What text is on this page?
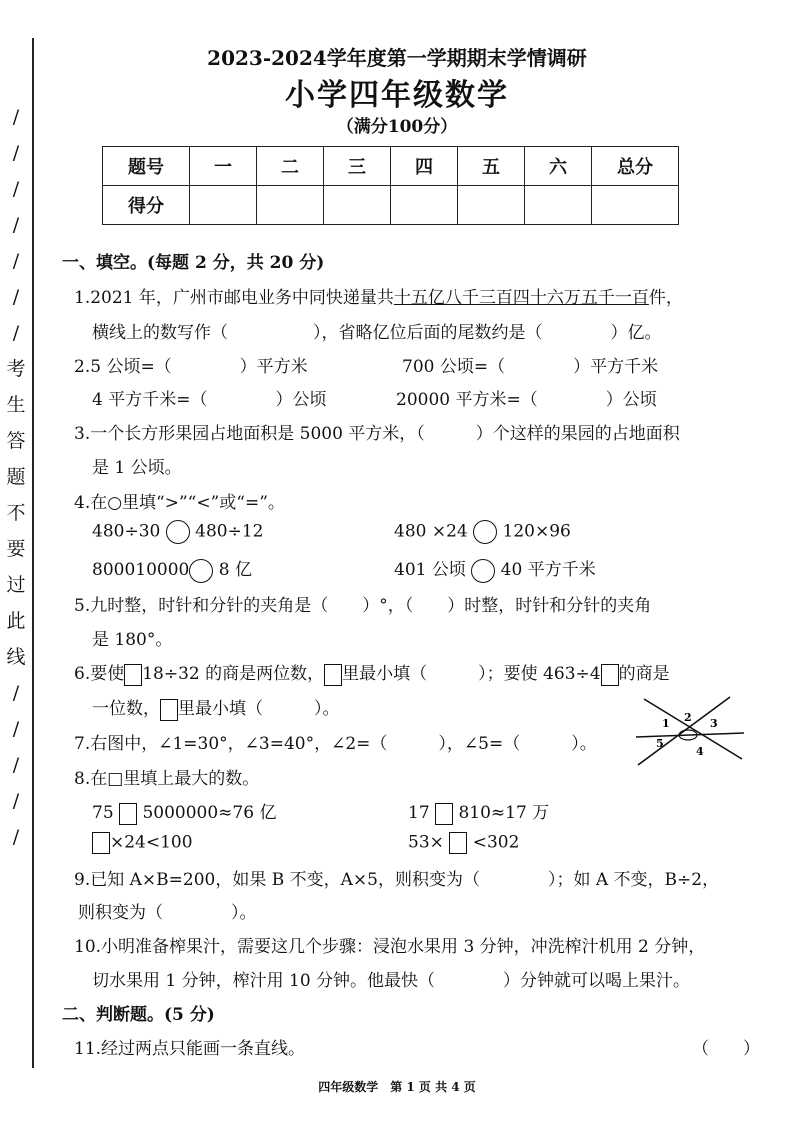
/
/
/
/
/
/
/
考
生
答
题
不
要
过
此
线
/
/
/
/
/
2023-2024学年度第一学期期末学情调研
小学四年级数学
（满分100分）
题号	一	二	三	四	五	六	总分
得分							
一、填空。(每题 2 分，共 20 分)
1.2021 年，广州市邮电业务中同快递量共十五亿八千三百四十六万五千一百件，
横线上的数写作（　　　　　），省略亿位后面的尾数约是（　　　　）亿。
2.5 公顷=（　　　　）平方米	700 公顷=（　　　　）平方千米
4 平方千米=（　　　　）公顷	20000 平方米=（　　　　）公顷
3.一个长方形果园占地面积是 5000 平方米，（　　　）个这样的果园的占地面积
是 1 公顷。
4.在○里填“>”“<”或“=”。
480÷30 480÷12	480 ×24 120×96
800010000 8 亿	401 公顷 40 平方千米
5.九时整，时针和分针的夹角是（　　）°，（　　）时整，时针和分针的夹角
是 180°。
6.要使 18÷32 的商是两位数， 里最小填（　　　）；要使 463÷4 的商是
一位数， 里最小填（　　　）。
7.右图中，∠1=30°，∠3=40°，∠2=（　　　），∠5=（　　　）。
1 2 3
4
5
8.在□里填上最大的数。
75 5000000≈76 亿	17 810≈17 万
×24<100	53× <302
9.已知 A×B=200，如果 B 不变，A×5，则积变为（　　　　）；如 A 不变，B÷2，
则积变为（　　　　）。
10.小明准备榨果汁，需要这几个步骤：浸泡水果用 3 分钟，冲洗榨汁机用 2 分钟，
切水果用 1 分钟，榨汁用 10 分钟。他最快（　　　　）分钟就可以喝上果汁。
二、判断题。(5 分)
11.经过两点只能画一条直线。	（　　）
四年级数学　第 1 页 共 4 页
